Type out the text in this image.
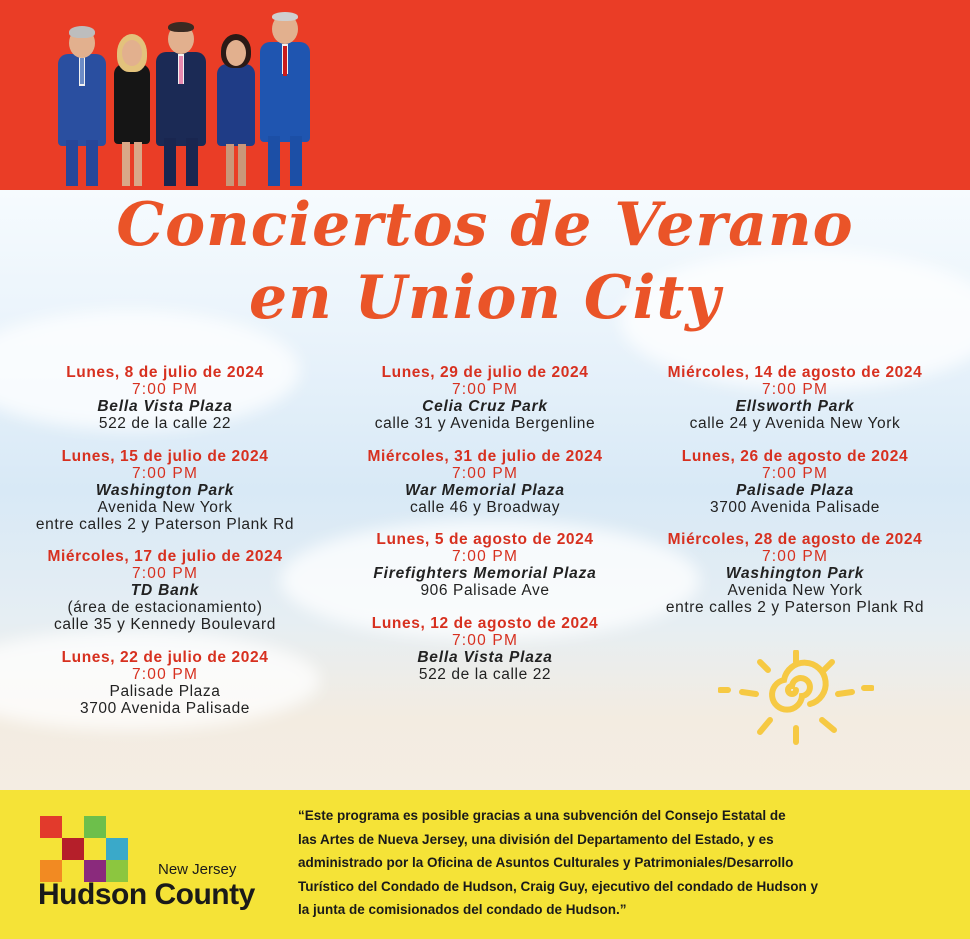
Conciertos de Verano
en Union City
Lunes, 8 de julio de 2024
7:00 PM
Bella Vista Plaza
522 de la calle 22
Lunes, 15 de julio de 2024
7:00 PM
Washington Park
Avenida New York
entre calles 2 y Paterson Plank Rd
Miércoles, 17 de julio de 2024
7:00 PM
TD Bank
(área de estacionamiento)
calle 35 y Kennedy Boulevard
Lunes, 22 de julio de 2024
7:00 PM
Palisade Plaza
3700 Avenida Palisade
Lunes, 29 de julio de 2024
7:00 PM
Celia Cruz Park
calle 31 y Avenida Bergenline
Miércoles, 31 de julio de 2024
7:00 PM
War Memorial Plaza
calle 46 y Broadway
Lunes, 5 de agosto de 2024
7:00 PM
Firefighters Memorial Plaza
906 Palisade Ave
Lunes, 12 de agosto de 2024
7:00 PM
Bella Vista Plaza
522 de la calle 22
Miércoles, 14 de agosto de 2024
7:00 PM
Ellsworth Park
calle 24 y Avenida New York
Lunes, 26 de agosto de 2024
7:00 PM
Palisade Plaza
3700 Avenida Palisade
Miércoles, 28 de agosto de 2024
7:00 PM
Washington Park
Avenida New York
entre calles 2 y Paterson Plank Rd
New Jersey
Hudson County
“Este programa es posible gracias a una subvención del Consejo Estatal de
las Artes de Nueva Jersey, una división del Departamento del Estado, y es
administrado por la Oficina de Asuntos Culturales y Patrimoniales/Desarrollo
Turístico del Condado de Hudson, Craig Guy, ejecutivo del condado de Hudson y
la junta de comisionados del condado de Hudson.”
